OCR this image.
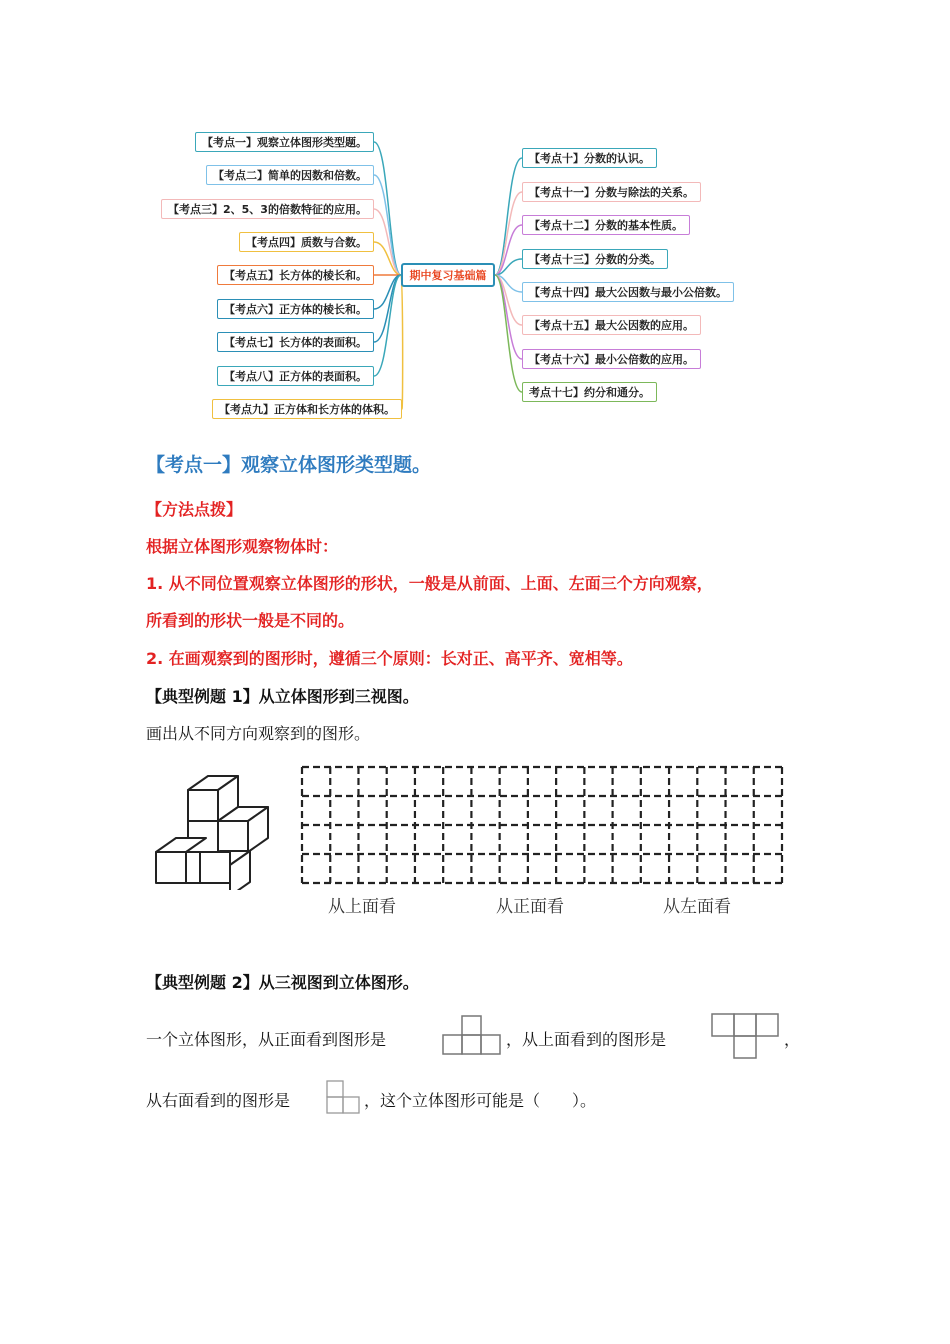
期中复习基础篇
【考点一】观察立体图形类型题。
【考点二】简单的因数和倍数。
【考点三】2、5、3的倍数特征的应用。
【考点四】质数与合数。
【考点五】长方体的棱长和。
【考点六】正方体的棱长和。
【考点七】长方体的表面积。
【考点八】正方体的表面积。
【考点九】正方体和长方体的体积。
【考点十】分数的认识。
【考点十一】分数与除法的关系。
【考点十二】分数的基本性质。
【考点十三】分数的分类。
【考点十四】最大公因数与最小公倍数。
【考点十五】最大公因数的应用。
【考点十六】最小公倍数的应用。
考点十七】约分和通分。
【考点一】观察立体图形类型题。
【方法点拨】
根据立体图形观察物体时：
1. 从不同位置观察立体图形的形状，一般是从前面、上面、左面三个方向观察，
所看到的形状一般是不同的。
2. 在画观察到的图形时，遵循三个原则：长对正、高平齐、宽相等。
【典型例题 1】从立体图形到三视图。
画出从不同方向观察到的图形。
从上面看	从正面看	从左面看
【典型例题 2】从三视图到立体图形。
一个立体图形，从正面看到图形是	，从上面看到的图形是	，
从右面看到的图形是	，这个立体图形可能是（　　）。
